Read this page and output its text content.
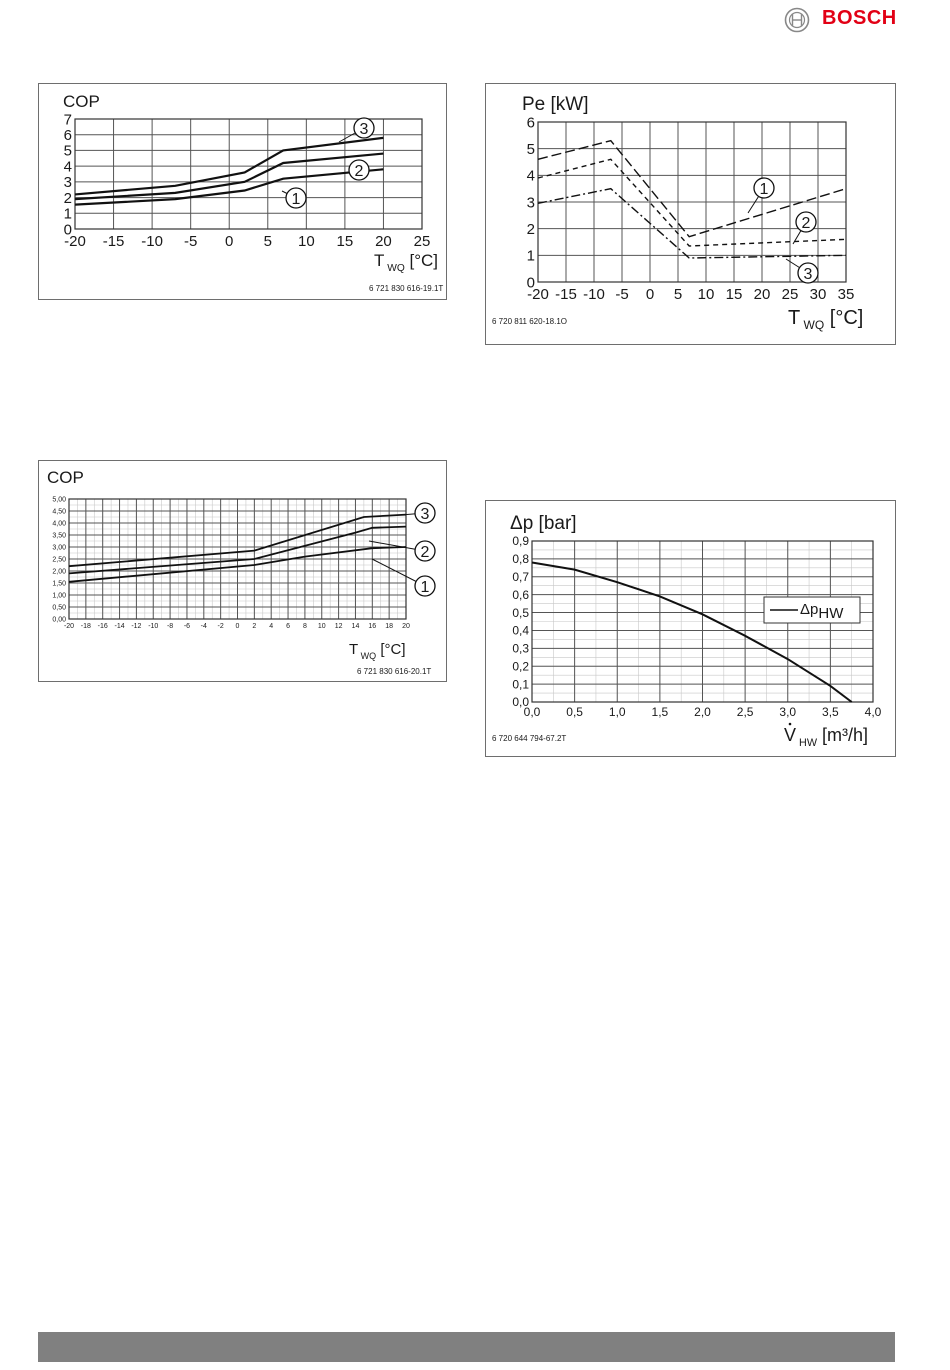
BOSCH
-20 -15 -10 -5 0 5 10 15 20 25
0
1
2
3
4
5
6
7
1
2
3
COP
T $_{WQ}$ [°C]
6 721 830 616-19.1T	-20 -15 -10 -5 0 5 10 15 20 25 30 35
0
1
2
3
4
5
6
1
2
3
Pe [kW]
T $_{WQ}$ [°C]
6 720 811 620-18.1O
-20 -18 -16 -14 -12 -10 -8 -6 -4 -2 0 2 4 6 8 10 12 14 16 18 20
0,00
0,50
1,00
1,50
2,00
2,50
3,00
3,50
4,00
4,50
5,00
1
2
3
COP
T $_{WQ}$ [°C]
6 721 830 616-20.1T
0,0 0,5 1,0 1,5 2,0 2,5 3,0 3,5 4,0
0,0
0,1
0,2
0,3
0,4
0,5
0,6
0,7
0,8
0,9
Δp [bar]
V $_{HW}$ [m³/h]
6 720 644 794-67.2T
ΔpHW
